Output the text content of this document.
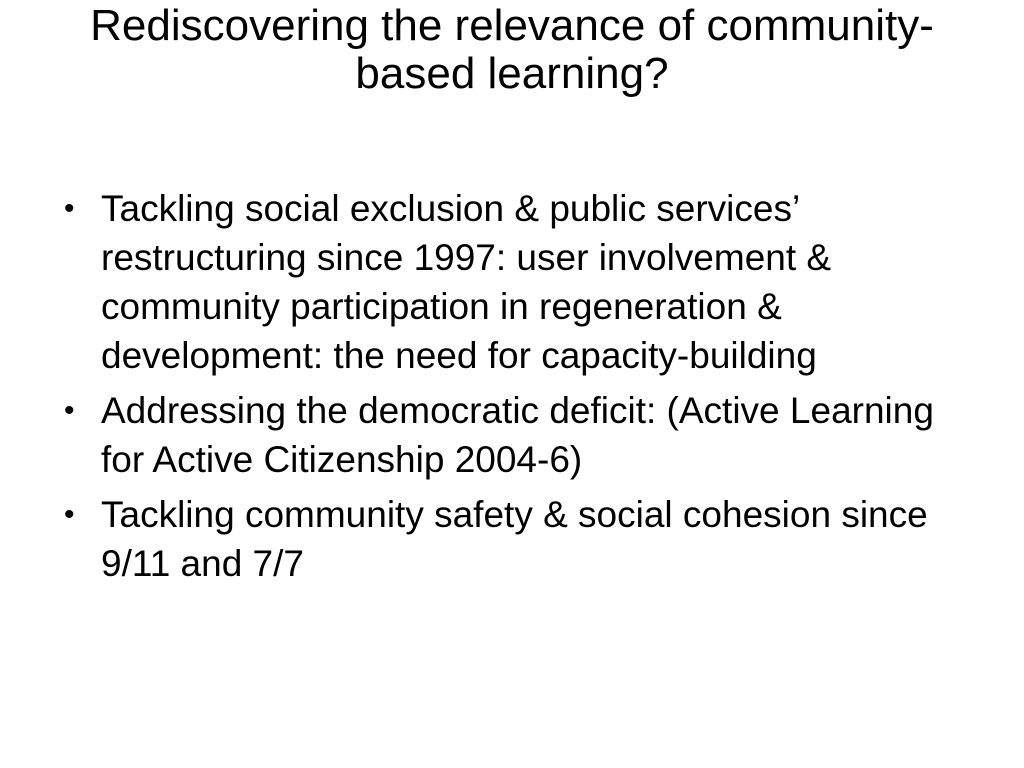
Rediscovering the relevance of community-based learning?
• Tackling social exclusion & public services’ restructuring since 1997: user involvement & community participation in regeneration & development: the need for capacity-building
• Addressing the democratic deficit: (Active Learning for Active Citizenship 2004-6)
• Tackling community safety & social cohesion since 9/11 and 7/7
